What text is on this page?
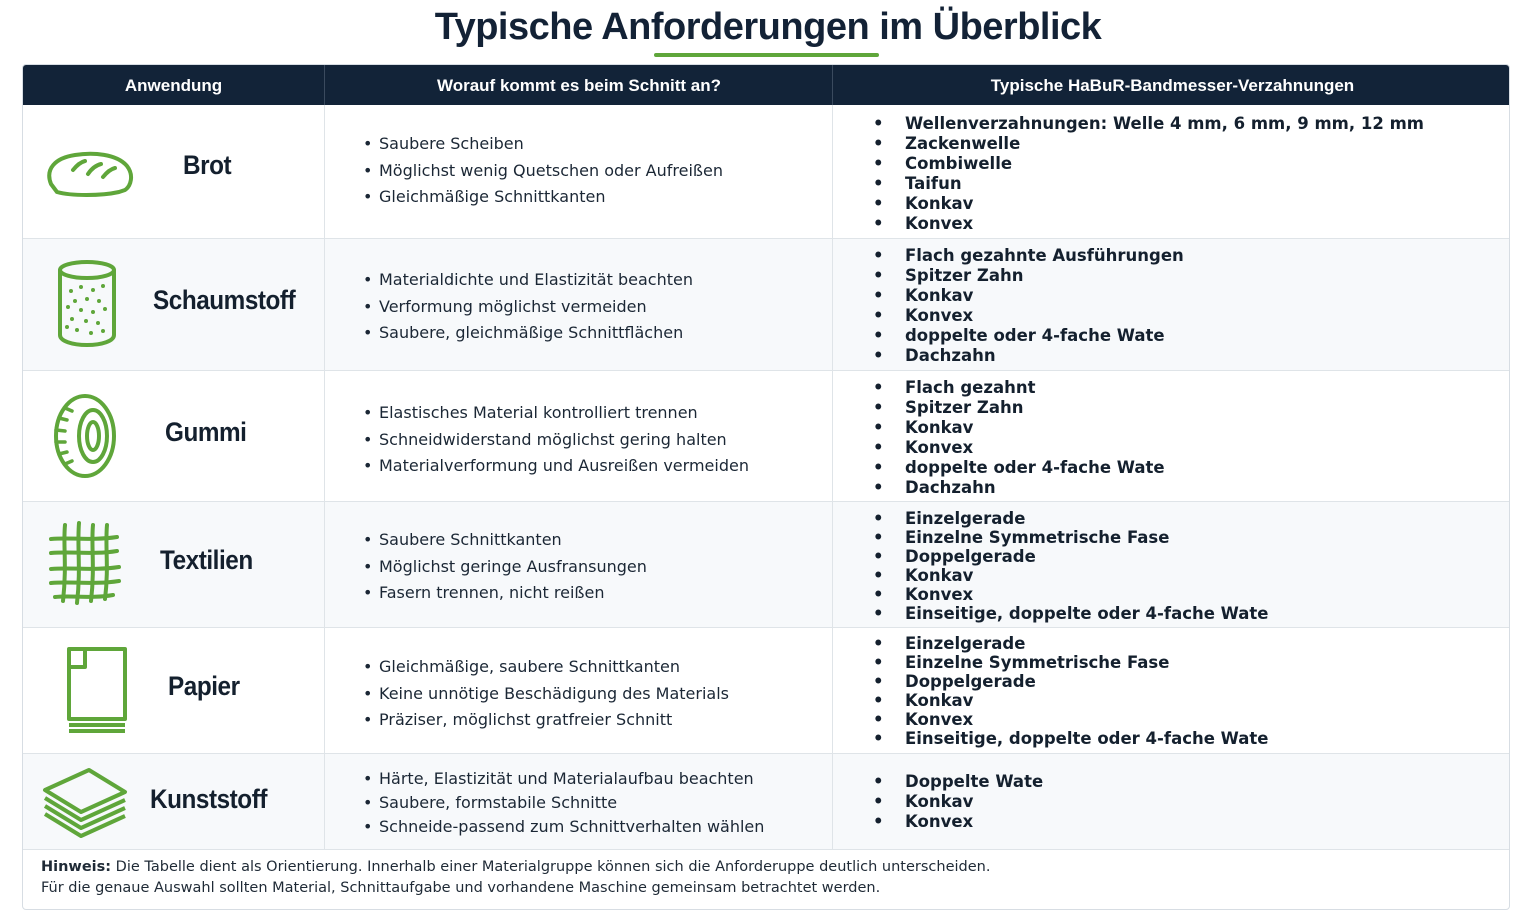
Typische Anforderungen im Überblick
Anwendung	Worauf kommt es beim Schnitt an?	Typische HaBuR-Bandmesser-Verzahnungen
Brot
• Saubere Scheiben
• Möglichst wenig Quetschen oder Aufreißen
• Gleichmäßige Schnittkanten
• Wellenverzahnungen: Welle 4 mm, 6 mm, 9 mm, 12 mm
• Zackenwelle
• Combiwelle
• Taifun
• Konkav
• Konvex
Schaumstoff
• Materialdichte und Elastizität beachten
• Verformung möglichst vermeiden
• Saubere, gleichmäßige Schnittflächen
• Flach gezahnte Ausführungen
• Spitzer Zahn
• Konkav
• Konvex
• doppelte oder 4-fache Wate
• Dachzahn
Gummi
• Elastisches Material kontrolliert trennen
• Schneidwiderstand möglichst gering halten
• Materialverformung und Ausreißen vermeiden
• Flach gezahnt
• Spitzer Zahn
• Konkav
• Konvex
• doppelte oder 4-fache Wate
• Dachzahn
Textilien
• Saubere Schnittkanten
• Möglichst geringe Ausfransungen
• Fasern trennen, nicht reißen
• Einzelgerade
• Einzelne Symmetrische Fase
• Doppelgerade
• Konkav
• Konvex
• Einseitige, doppelte oder 4-fache Wate
Papier
• Gleichmäßige, saubere Schnittkanten
• Keine unnötige Beschädigung des Materials
• Präziser, möglichst gratfreier Schnitt
• Einzelgerade
• Einzelne Symmetrische Fase
• Doppelgerade
• Konkav
• Konvex
• Einseitige, doppelte oder 4-fache Wate
Kunststoff
• Härte, Elastizität und Materialaufbau beachten
• Saubere, formstabile Schnitte
• Schneide-passend zum Schnittverhalten wählen
• Doppelte Wate
• Konkav
• Konvex
Hinweis: Die Tabelle dient als Orientierung. Innerhalb einer Materialgruppe können sich die Anforderuppe deutlich unterscheiden.
Für die genaue Auswahl sollten Material, Schnittaufgabe und vorhandene Maschine gemeinsam betrachtet werden.
